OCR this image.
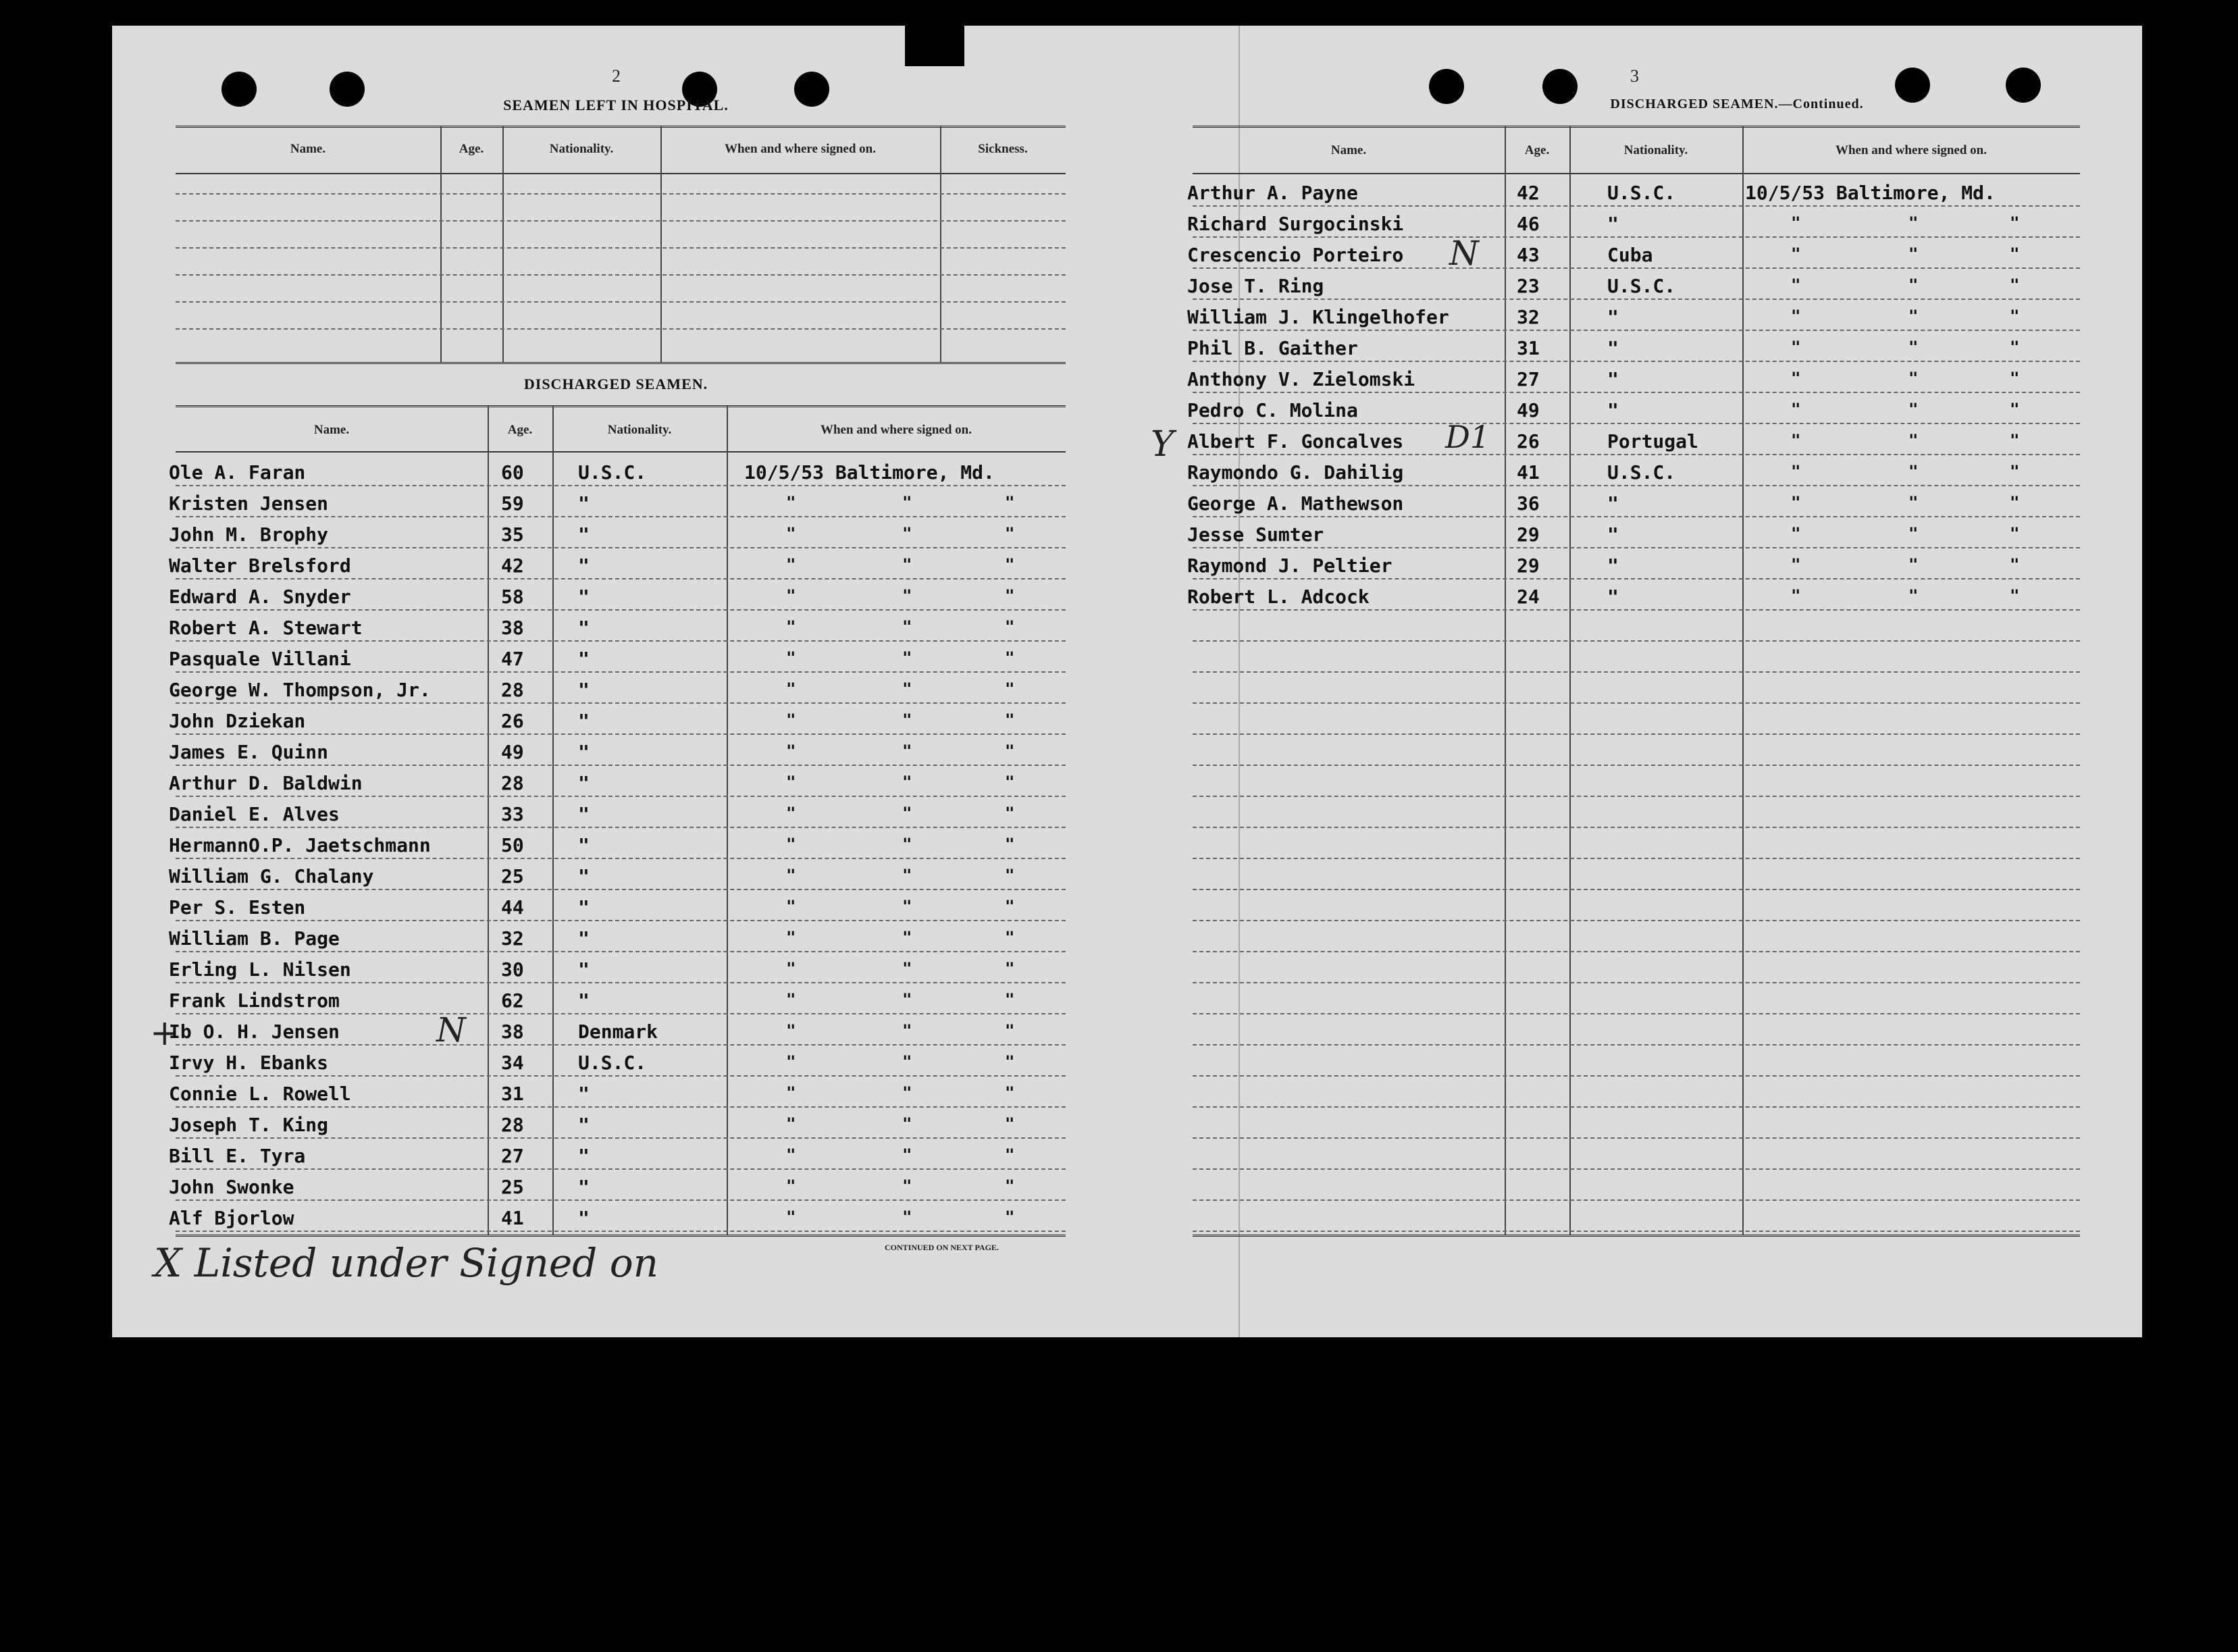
2
SEAMEN LEFT IN HOSPITAL.
DISCHARGED SEAMEN.
3
DISCHARGED SEAMEN.—Continued.
CONTINUED ON NEXT PAGE.
X Listed under Signed on
+	N
N
Y	D1
Name.	Age.	Nationality.	When and where signed on.	Sickness.
Name.	Age.	Nationality.	When and where signed on.
Ole A. Faran	60	U.S.C.	10/5/53 Baltimore, Md.
Kristen Jensen	59	"	"	"	"
John M. Brophy	35	"	"	"	"
Walter Brelsford	42	"	"	"	"
Edward A. Snyder	58	"	"	"	"
Robert A. Stewart	38	"	"	"	"
Pasquale Villani	47	"	"	"	"
George W. Thompson, Jr.	28	"	"	"	"
John Dziekan	26	"	"	"	"
James E. Quinn	49	"	"	"	"
Arthur D. Baldwin	28	"	"	"	"
Daniel E. Alves	33	"	"	"	"
HermannO.P. Jaetschmann	50	"	"	"	"
William G. Chalany	25	"	"	"	"
Per S. Esten	44	"	"	"	"
William B. Page	32	"	"	"	"
Erling L. Nilsen	30	"	"	"	"
Frank Lindstrom	62	"	"	"	"
Ib O. H. Jensen	38	Denmark	"	"	"
Irvy H. Ebanks	34	U.S.C.	"	"	"
Connie L. Rowell	31	"	"	"	"
Joseph T. King	28	"	"	"	"
Bill E. Tyra	27	"	"	"	"
John Swonke	25	"	"	"	"
Alf Bjorlow	41	"	"	"	"
Name.	Age.	Nationality.	When and where signed on.
Arthur A. Payne	42	U.S.C.	10/5/53 Baltimore, Md.
Richard Surgocinski	46	"	"	"	"
Crescencio Porteiro	43	Cuba	"	"	"
Jose T. Ring	23	U.S.C.	"	"	"
William J. Klingelhofer	32	"	"	"	"
Phil B. Gaither	31	"	"	"	"
Anthony V. Zielomski	27	"	"	"	"
Pedro C. Molina	49	"	"	"	"
Albert F. Goncalves	26	Portugal	"	"	"
Raymondo G. Dahilig	41	U.S.C.	"	"	"
George A. Mathewson	36	"	"	"	"
Jesse Sumter	29	"	"	"	"
Raymond J. Peltier	29	"	"	"	"
Robert L. Adcock	24	"	"	"	"
